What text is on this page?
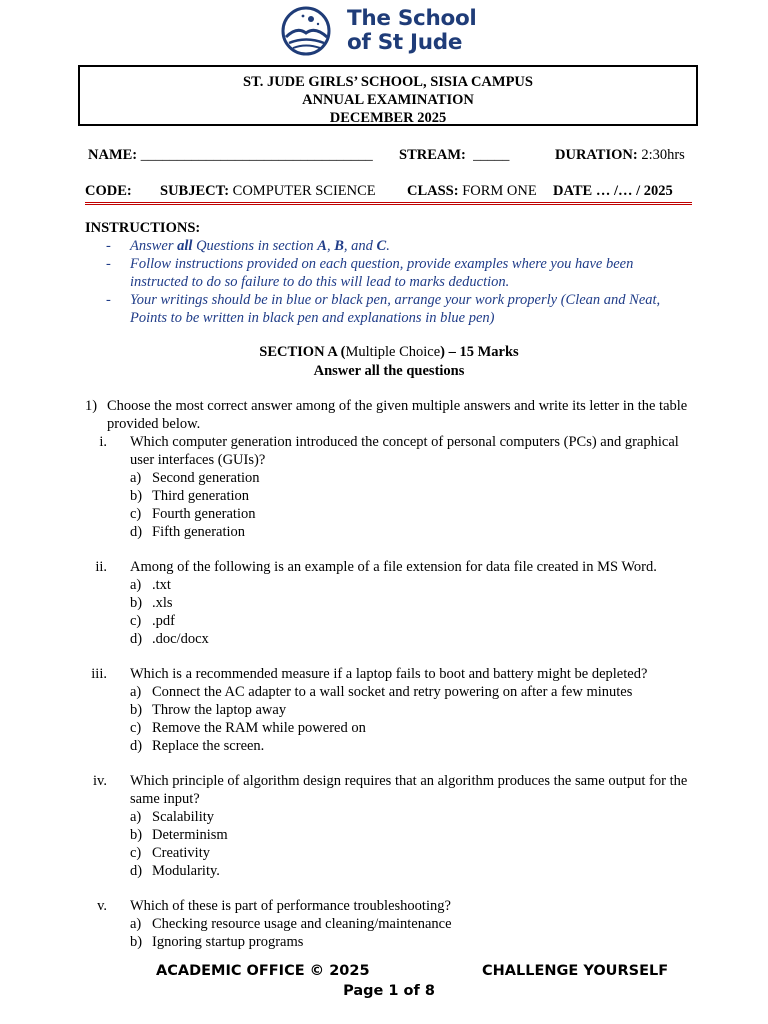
The School
of St Jude
ST. JUDE GIRLS’ SCHOOL, SISIA CAMPUS
ANNUAL EXAMINATION
DECEMBER 2025
NAME: ________________________________ STREAM: _____	DURATION: 2:30hrs
CODE: SUBJECT: COMPUTER SCIENCE CLASS: FORM ONE DATE … /… / 2025
INSTRUCTIONS:
- Answer all Questions in section A, B, and C.
- Follow instructions provided on each question, provide examples where you have been instructed to do so failure to do this will lead to marks deduction.
- Your writings should be in blue or black pen, arrange your work properly (Clean and Neat, Points to be written in black pen and explanations in blue pen)
SECTION A (Multiple Choice) – 15 Marks
Answer all the questions
1) Choose the most correct answer among of the given multiple answers and write its letter in the table provided below.
i. Which computer generation introduced the concept of personal computers (PCs) and graphical user interfaces (GUIs)?
a) Second generation
b) Third generation
c) Fourth generation
d) Fifth generation
ii. Among of the following is an example of a file extension for data file created in MS Word.
a) .txt
b) .xls
c) .pdf
d) .doc/docx
iii. Which is a recommended measure if a laptop fails to boot and battery might be depleted?
a) Connect the AC adapter to a wall socket and retry powering on after a few minutes
b) Throw the laptop away
c) Remove the RAM while powered on
d) Replace the screen.
iv. Which principle of algorithm design requires that an algorithm produces the same output for the same input?
a) Scalability
b) Determinism
c) Creativity
d) Modularity.
v. Which of these is part of performance troubleshooting?
a) Checking resource usage and cleaning/maintenance
b) Ignoring startup programs
ACADEMIC OFFICE © 2025	CHALLENGE YOURSELF
Page 1 of 8
